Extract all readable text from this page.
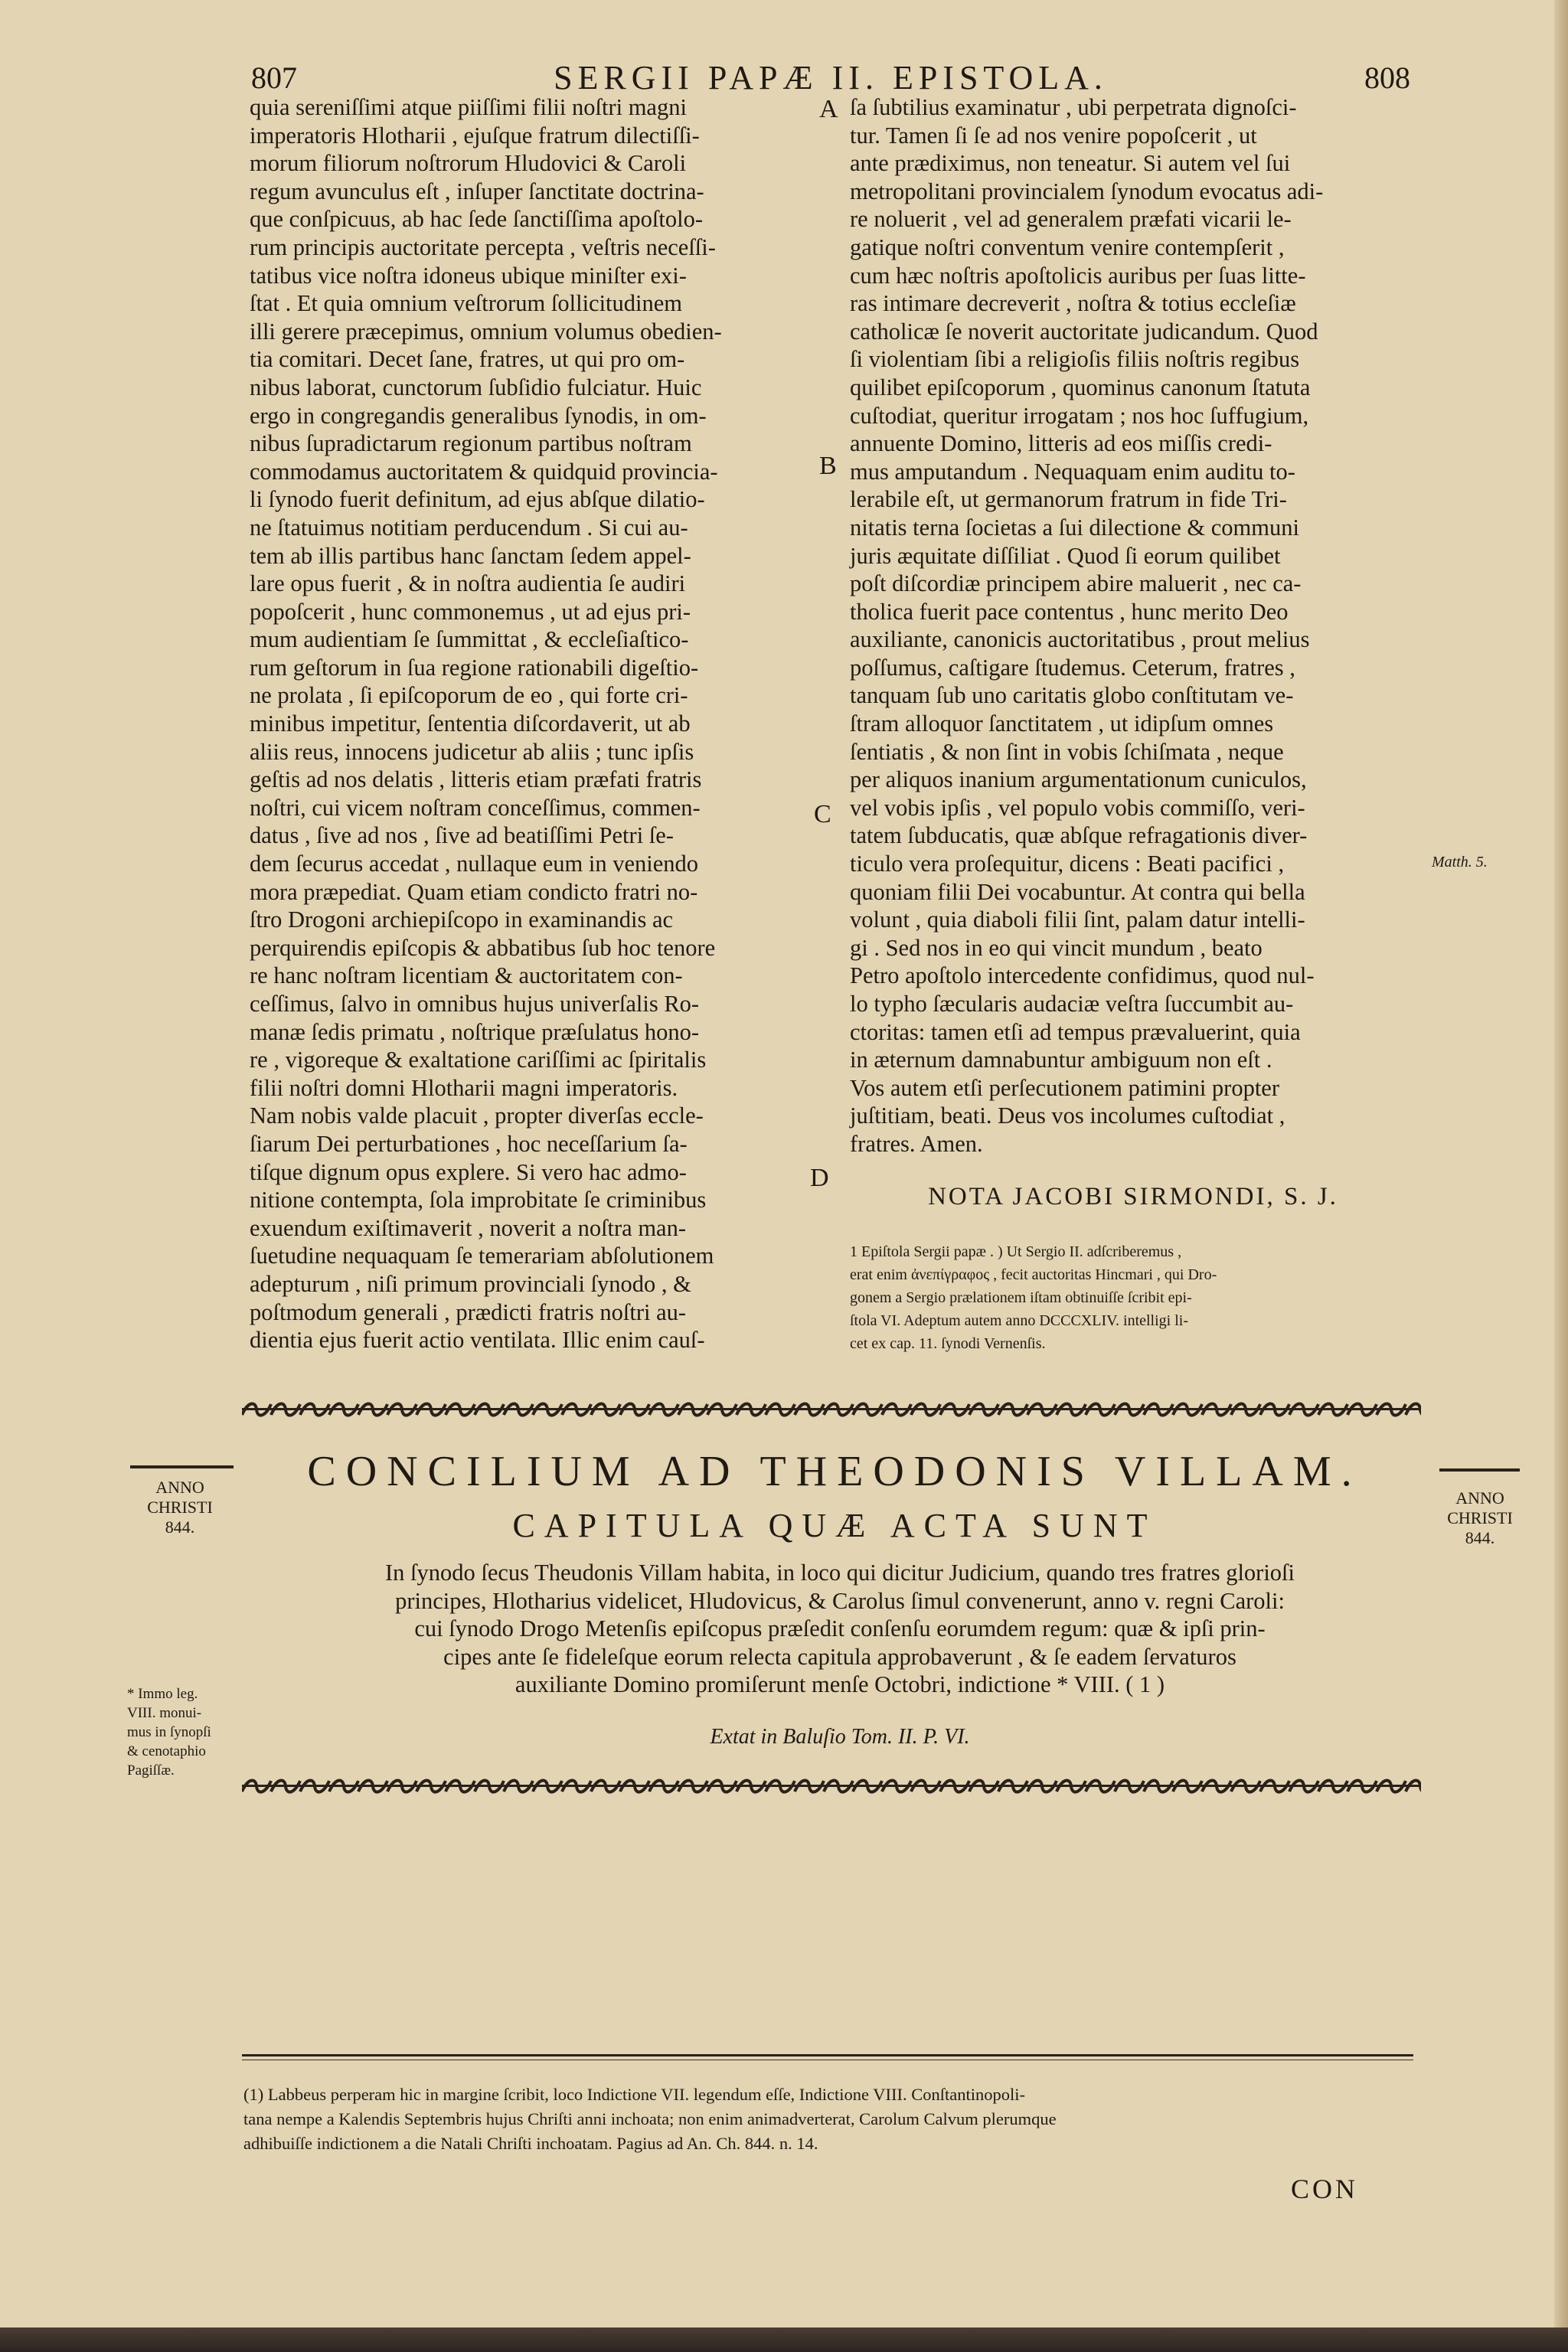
807	SERGII PAPÆ II. EPISTOLA.	808
quia sereniſſimi atque piiſſimi filii noſtri magni
imperatoris Hlotharii , ejuſque fratrum dilectiſſi-
morum filiorum noſtrorum Hludovici & Caroli
regum avunculus eſt , inſuper ſanctitate doctrina-
que conſpicuus, ab hac ſede ſanctiſſima apoſtolo-
rum principis auctoritate percepta , veſtris neceſſi-
tatibus vice noſtra idoneus ubique miniſter exi-
ſtat . Et quia omnium veſtrorum ſollicitudinem
illi gerere præcepimus, omnium volumus obedien-
tia comitari. Decet ſane, fratres, ut qui pro om-
nibus laborat, cunctorum ſubſidio fulciatur. Huic
ergo in congregandis generalibus ſynodis, in om-
nibus ſupradictarum regionum partibus noſtram
commodamus auctoritatem & quidquid provincia-
li ſynodo fuerit definitum, ad ejus abſque dilatio-
ne ſtatuimus notitiam perducendum . Si cui au-
tem ab illis partibus hanc ſanctam ſedem appel-
lare opus fuerit , & in noſtra audientia ſe audiri
popoſcerit , hunc commonemus , ut ad ejus pri-
mum audientiam ſe ſummittat , & eccleſiaſtico-
rum geſtorum in ſua regione rationabili digeſtio-
ne prolata , ſi epiſcoporum de eo , qui forte cri-
minibus impetitur, ſententia diſcordaverit, ut ab
aliis reus, innocens judicetur ab aliis ; tunc ipſis
geſtis ad nos delatis , litteris etiam præfati fratris
noſtri, cui vicem noſtram conceſſimus, commen-
datus , ſive ad nos , ſive ad beatiſſimi Petri ſe-
dem ſecurus accedat , nullaque eum in veniendo
mora præpediat. Quam etiam condicto fratri no-
ſtro Drogoni archiepiſcopo in examinandis ac
perquirendis epiſcopis & abbatibus ſub hoc tenore
re hanc noſtram licentiam & auctoritatem con-
ceſſimus, ſalvo in omnibus hujus univerſalis Ro-
manæ ſedis primatu , noſtrique præſulatus hono-
re , vigoreque & exaltatione cariſſimi ac ſpiritalis
filii noſtri domni Hlotharii magni imperatoris.
Nam nobis valde placuit , propter diverſas eccle-
ſiarum Dei perturbationes , hoc neceſſarium ſa-
tiſque dignum opus explere. Si vero hac admo-
nitione contempta, ſola improbitate ſe criminibus
exuendum exiſtimaverit , noverit a noſtra man-
ſuetudine nequaquam ſe temerariam abſolutionem
adepturum , niſi primum provinciali ſynodo , &
poſtmodum generali , prædicti fratris noſtri au-
dientia ejus fuerit actio ventilata. Illic enim cauſ-
ſa ſubtilius examinatur , ubi perpetrata dignoſci-
tur. Tamen ſi ſe ad nos venire popoſcerit , ut
ante prædiximus, non teneatur. Si autem vel ſui
metropolitani provincialem ſynodum evocatus adi-
re noluerit , vel ad generalem præfati vicarii le-
gatique noſtri conventum venire contempſerit ,
cum hæc noſtris apoſtolicis auribus per ſuas litte-
ras intimare decreverit , noſtra & totius eccleſiæ
catholicæ ſe noverit auctoritate judicandum. Quod
ſi violentiam ſibi a religioſis filiis noſtris regibus
quilibet epiſcoporum , quominus canonum ſtatuta
cuſtodiat, queritur irrogatam ; nos hoc ſuffugium,
annuente Domino, litteris ad eos miſſis credi-
mus amputandum . Nequaquam enim auditu to-
lerabile eſt, ut germanorum fratrum in fide Tri-
nitatis terna ſocietas a ſui dilectione & communi
juris æquitate diſſiliat . Quod ſi eorum quilibet
poſt diſcordiæ principem abire maluerit , nec ca-
tholica fuerit pace contentus , hunc merito Deo
auxiliante, canonicis auctoritatibus , prout melius
poſſumus, caſtigare ſtudemus. Ceterum, fratres ,
tanquam ſub uno caritatis globo conſtitutam ve-
ſtram alloquor ſanctitatem , ut idipſum omnes
ſentiatis , & non ſint in vobis ſchiſmata , neque
per aliquos inanium argumentationum cuniculos,
vel vobis ipſis , vel populo vobis commiſſo, veri-
tatem ſubducatis, quæ abſque refragationis diver-
ticulo vera proſequitur, dicens : Beati pacifici ,
quoniam filii Dei vocabuntur. At contra qui bella
volunt , quia diaboli filii ſint, palam datur intelli-
gi . Sed nos in eo qui vincit mundum , beato
Petro apoſtolo intercedente confidimus, quod nul-
lo typho ſæcularis audaciæ veſtra ſuccumbit au-
ctoritas: tamen etſi ad tempus prævaluerint, quia
in æternum damnabuntur ambiguum non eſt .
Vos autem etſi perſecutionem patimini propter
juſtitiam, beati. Deus vos incolumes cuſtodiat ,
fratres. Amen.
A
B
C
D
Matth. 5.
NOTA JACOBI SIRMONDI, S. J.
1 Epiſtola Sergii papæ . ) Ut Sergio II. adſcriberemus ,
erat enim ἀνεπίγραφος , fecit auctoritas Hincmari , qui Dro-
gonem a Sergio prælationem iſtam obtinuiſſe ſcribit epi-
ſtola VI. Adeptum autem anno DCCCXLIV. intelligi li-
cet ex cap. 11. ſynodi Vernenſis.
CONCILIUM AD THEODONIS VILLAM.
ANNO
CHRISTI
844.
ANNO
CHRISTI
844.
CAPITULA QUÆ ACTA SUNT
In ſynodo ſecus Theudonis Villam habita, in loco qui dicitur Judicium, quando tres fratres glorioſi
principes, Hlotharius videlicet, Hludovicus, & Carolus ſimul convenerunt, anno v. regni Caroli:
cui ſynodo Drogo Metenſis epiſcopus præſedit conſenſu eorumdem regum: quæ & ipſi prin-
cipes ante ſe fideleſque eorum relecta capitula approbaverunt , & ſe eadem ſervaturos
auxiliante Domino promiſerunt menſe Octobri, indictione * VIII. ( 1 )
Extat in Baluſio Tom. II. P. VI.
* Immo leg.
VIII. monui-
mus in ſynopſi
& cenotaphio
Pagiſſæ.
(1) Labbeus perperam hic in margine ſcribit, loco Indictione VII. legendum eſſe, Indictione VIII. Conſtantinopoli-
tana nempe a Kalendis Septembris hujus Chriſti anni inchoata; non enim animadverterat, Carolum Calvum plerumque
adhibuiſſe indictionem a die Natali Chriſti inchoatam. Pagius ad An. Ch. 844. n. 14.
CON
